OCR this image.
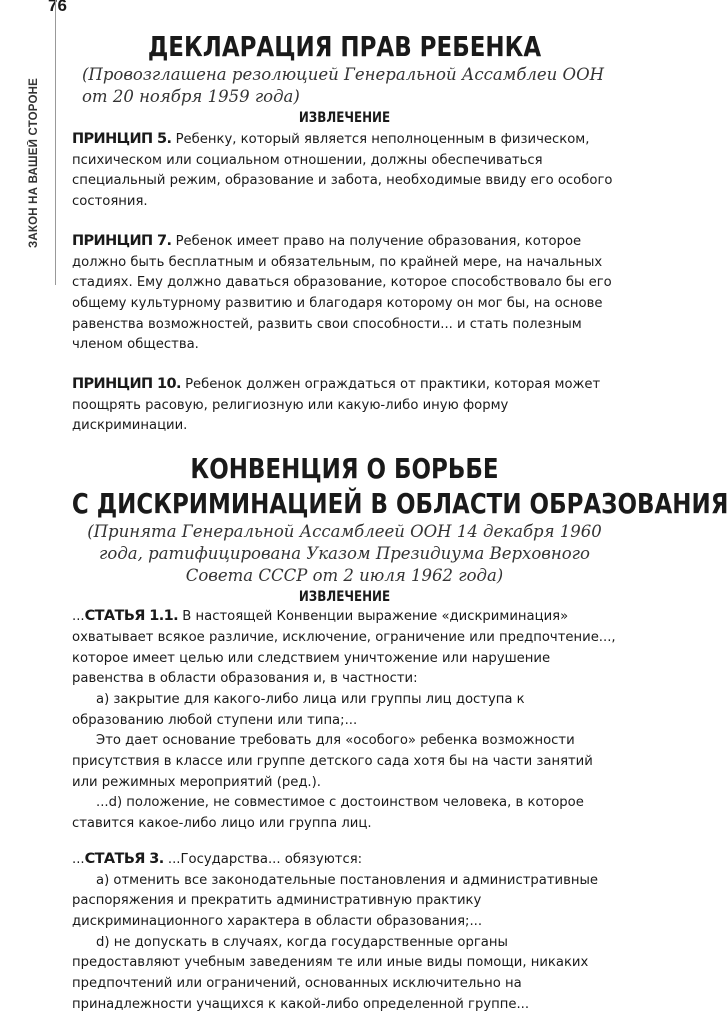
76
ЗАКОН НА ВАШЕЙ СТОРОНЕ
ДЕКЛАРАЦИЯ ПРАВ РЕБЕНКА
(Провозглашена резолюцией Генеральной Ассамблеи ООН от 20 ноября 1959 года)
ИЗВЛЕЧЕНИЕ

ПРИНЦИП 5. Ребенку, который является неполноценным в физическом, психическом или социальном отношении, должны обеспечиваться специальный режим, образование и забота, необходимые ввиду его особого состояния.

ПРИНЦИП 7. Ребенок имеет право на получение образования, которое должно быть бесплатным и обязательным, по крайней мере, на начальных стадиях. Ему должно даваться образование, которое способствовало бы его общему культурному развитию и благодаря которому он мог бы, на основе равенства возможностей, развить свои способности... и стать полезным членом общества.

ПРИНЦИП 10. Ребенок должен ограждаться от практики, которая может поощрять расовую, религиозную или какую-либо иную форму дискриминации.

КОНВЕНЦИЯ О БОРЬБЕ
С ДИСКРИМИНАЦИЕЙ В ОБЛАСТИ ОБРАЗОВАНИЯ
(Принята Генеральной Ассамблеей ООН 14 декабря 1960 года, ратифицирована Указом Президиума Верховного Совета СССР от 2 июля 1962 года)
ИЗВЛЕЧЕНИЕ

...СТАТЬЯ 1.1. В настоящей Конвенции выражение «дискриминация» охватывает всякое различие, исключение, ограничение или предпочтение..., которое имеет целью или следствием уничтожение или нарушение равенства в области образования и, в частности:

а) закрытие для какого-либо лица или группы лиц доступа к образованию любой ступени или типа;...

Это дает основание требовать для «особого» ребенка возможности присутствия в классе или группе детского сада хотя бы на части занятий или режимных мероприятий (ред.).

...d) положение, не совместимое с достоинством человека, в которое ставится какое-либо лицо или группа лиц.

...СТАТЬЯ 3. ...Государства... обязуются:

а) отменить все законодательные постановления и административные распоряжения и прекратить административную практику дискриминационного характера в области образования;...

d) не допускать в случаях, когда государственные органы предоставляют учебным заведениям те или иные виды помощи, никаких предпочтений или ограничений, основанных исключительно на принадлежности учащихся к какой-либо определенной группе...
